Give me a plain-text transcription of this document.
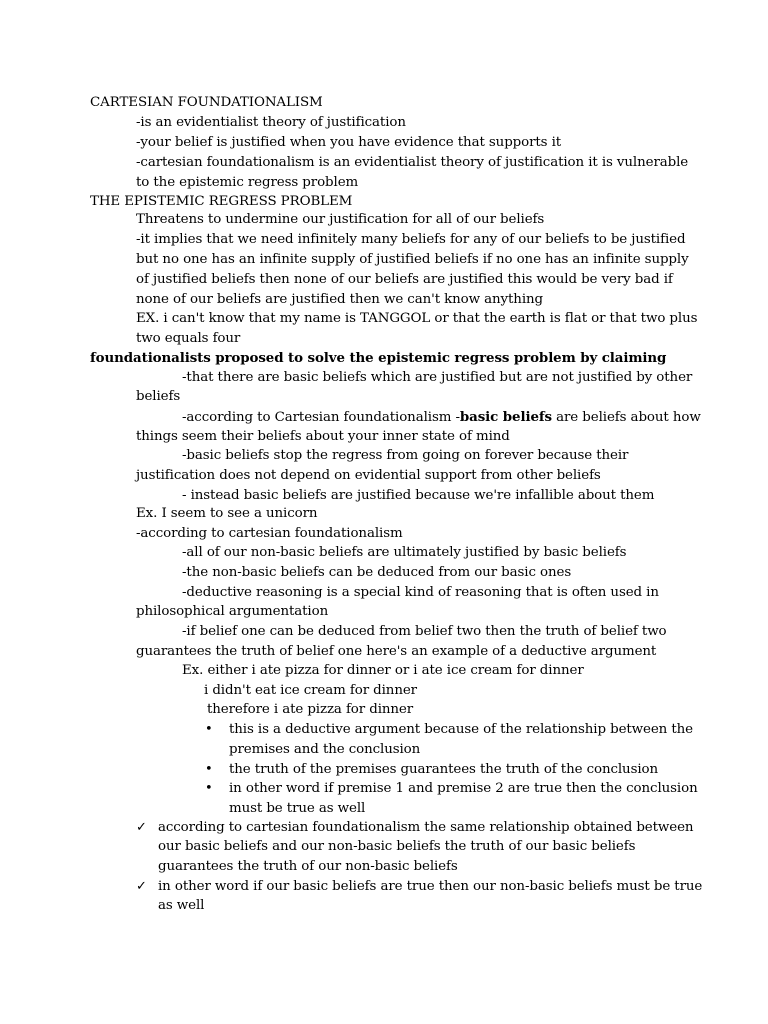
CARTESIAN FOUNDATIONALISM
-is an evidentialist theory of justification
-your belief is justified when you have evidence that supports it
-cartesian foundationalism is an evidentialist theory of justification it is vulnerable
to the epistemic regress problem
THE EPISTEMIC REGRESS PROBLEM
Threatens to undermine our justification for all of our beliefs
-it implies that we need infinitely many beliefs for any of our beliefs to be justified
but no one has an infinite supply of justified beliefs if no one has an infinite supply
of justified beliefs then none of our beliefs are justified this would be very bad if
none of our beliefs are justified then we can't know anything
EX. i can't know that my name is TANGGOL or that the earth is flat or that two plus
two equals four
foundationalists proposed to solve the epistemic regress problem by claiming
-that there are basic beliefs which are justified but are not justified by other
beliefs
-according to Cartesian foundationalism -basic beliefs are beliefs about how
things seem their beliefs about your inner state of mind
-basic beliefs stop the regress from going on forever because their
justification does not depend on evidential support from other beliefs
- instead basic beliefs are justified because we're infallible about them
Ex. I seem to see a unicorn
-according to cartesian foundationalism
-all of our non-basic beliefs are ultimately justified by basic beliefs
-the non-basic beliefs can be deduced from our basic ones
-deductive reasoning is a special kind of reasoning that is often used in
philosophical argumentation
-if belief one can be deduced from belief two then the truth of belief two
guarantees the truth of belief one here's an example of a deductive argument
Ex. either i ate pizza for dinner or i ate ice cream for dinner
i didn't eat ice cream for dinner
therefore i ate pizza for dinner
• this is a deductive argument because of the relationship between the
premises and the conclusion
• the truth of the premises guarantees the truth of the conclusion
• in other word if premise 1 and premise 2 are true then the conclusion
must be true as well
✓ according to cartesian foundationalism the same relationship obtained between
our basic beliefs and our non-basic beliefs the truth of our basic beliefs
guarantees the truth of our non-basic beliefs
✓ in other word if our basic beliefs are true then our non-basic beliefs must be true
as well
